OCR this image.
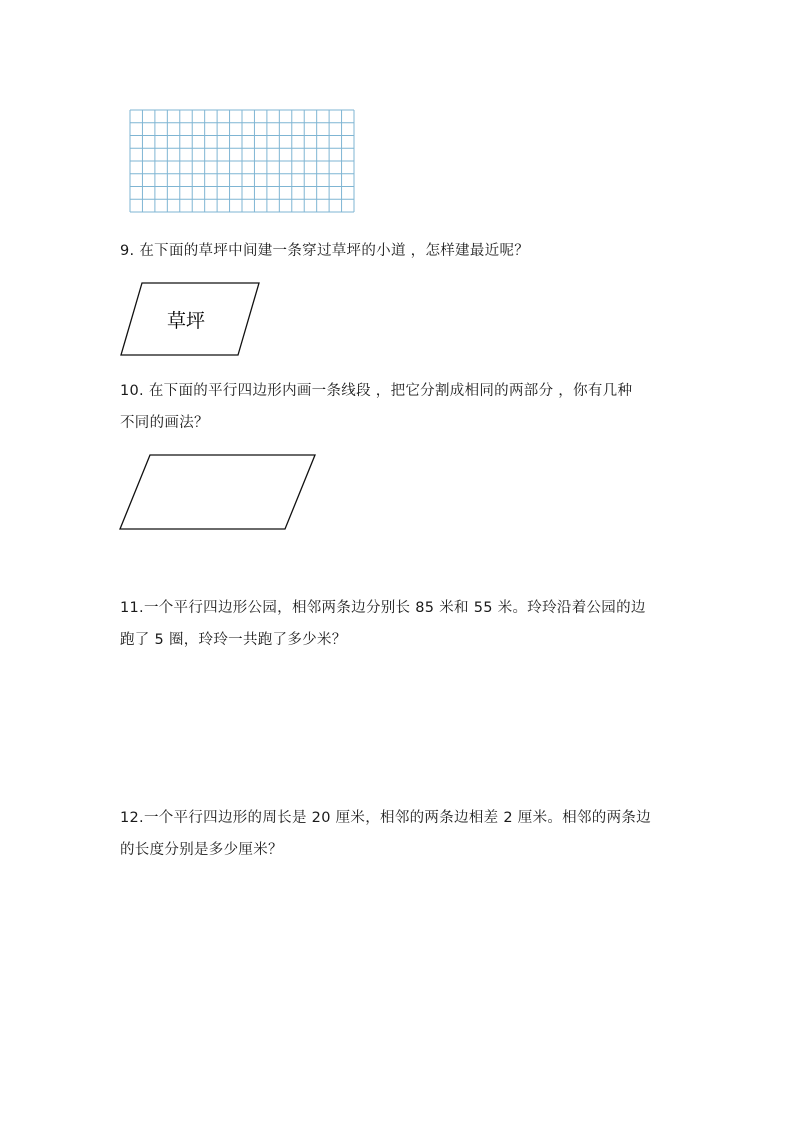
9. 在下面的草坪中间建一条穿过草坪的小道 ，怎样建最近呢？
草坪
10. 在下面的平行四边形内画一条线段 ，把它分割成相同的两部分 ，你有几种
不同的画法？
11.一个平行四边形公园，相邻两条边分别长 85 米和 55 米。玲玲沿着公园的边
跑了 5 圈，玲玲一共跑了多少米？
12.一个平行四边形的周长是 20 厘米，相邻的两条边相差 2 厘米。相邻的两条边
的长度分别是多少厘米？
